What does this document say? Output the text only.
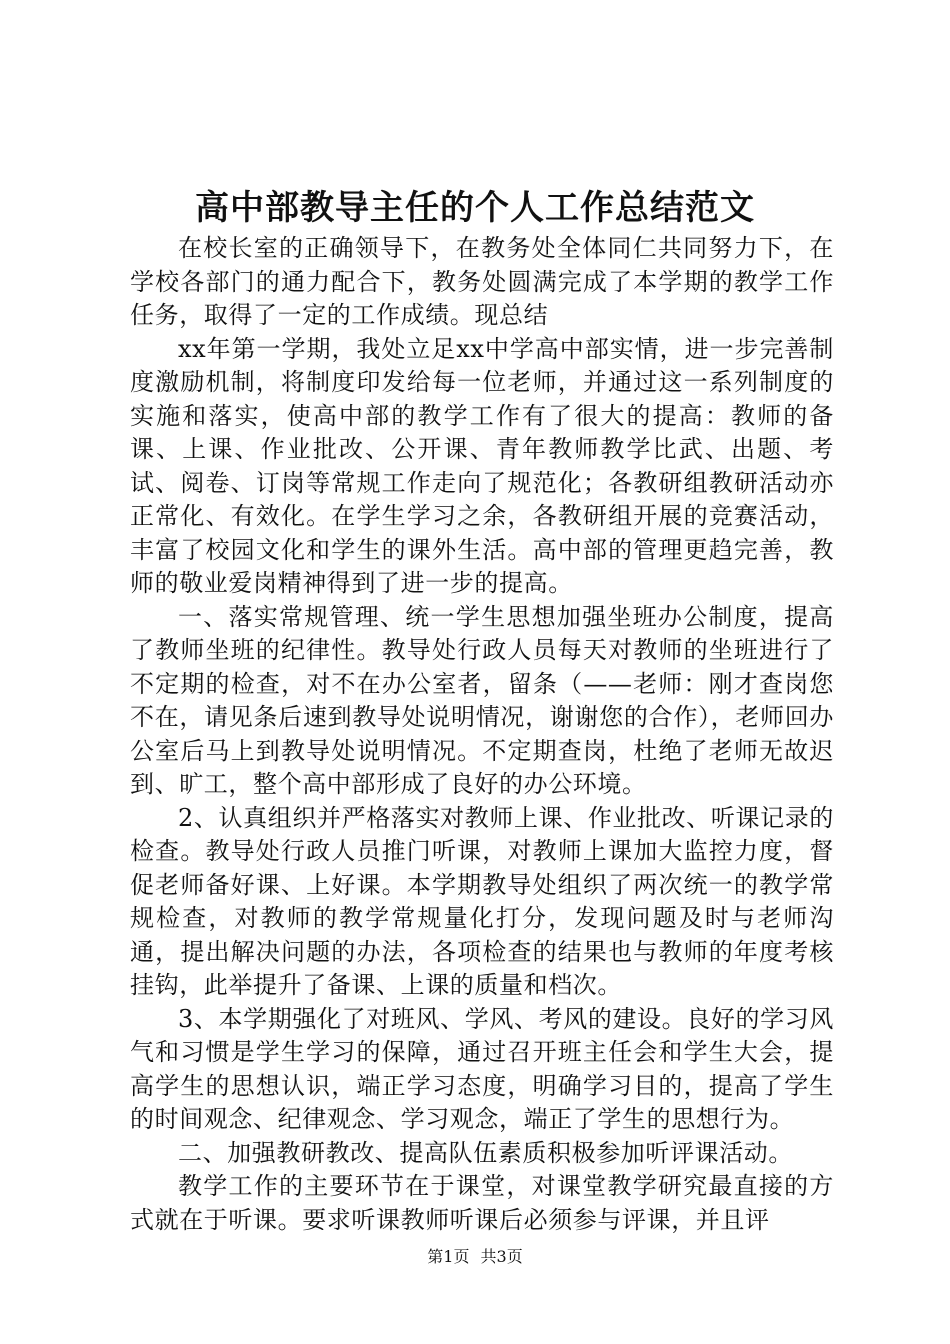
高中部教导主任的个人工作总结范文

在校长室的正确领导下，在教务处全体同仁共同努力下，在学校各部门的通力配合下，教务处圆满完成了本学期的教学工作任务，取得了一定的工作成绩。现总结

xx年第一学期，我处立足xx中学高中部实情，进一步完善制度激励机制，将制度印发给每一位老师，并通过这一系列制度的实施和落实，使高中部的教学工作有了很大的提高：教师的备课、上课、作业批改、公开课、青年教师教学比武、出题、考试、阅卷、订岗等常规工作走向了规范化；各教研组教研活动亦正常化、有效化。在学生学习之余，各教研组开展的竞赛活动，丰富了校园文化和学生的课外生活。高中部的管理更趋完善，教师的敬业爱岗精神得到了进一步的提高。

一、落实常规管理、统一学生思想加强坐班办公制度，提高了教师坐班的纪律性。教导处行政人员每天对教师的坐班进行了不定期的检查，对不在办公室者，留条（——老师：刚才查岗您不在，请见条后速到教导处说明情况，谢谢您的合作），老师回办公室后马上到教导处说明情况。不定期查岗，杜绝了老师无故迟到、旷工，整个高中部形成了良好的办公环境。

2、认真组织并严格落实对教师上课、作业批改、听课记录的检查。教导处行政人员推门听课，对教师上课加大监控力度，督促老师备好课、上好课。本学期教导处组织了两次统一的教学常规检查，对教师的教学常规量化打分，发现问题及时与老师沟通，提出解决问题的办法，各项检查的结果也与教师的年度考核挂钩，此举提升了备课、上课的质量和档次。

3、本学期强化了对班风、学风、考风的建设。良好的学习风气和习惯是学生学习的保障，通过召开班主任会和学生大会，提高学生的思想认识，端正学习态度，明确学习目的，提高了学生的时间观念、纪律观念、学习观念，端正了学生的思想行为。

二、加强教研教改、提高队伍素质积极参加听评课活动。

教学工作的主要环节在于课堂，对课堂教学研究最直接的方式就在于听课。要求听课教师听课后必须参与评课，并且评

第1页 共3页
